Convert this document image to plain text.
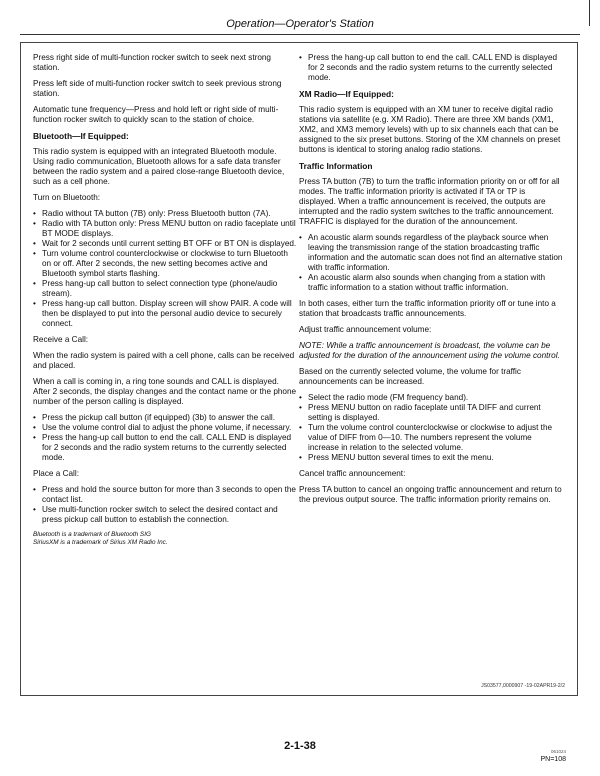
Operation—Operator's Station

Press right side of multi-function rocker switch to seek next strong station.

Press left side of multi-function rocker switch to seek previous strong station.

Automatic tune frequency—Press and hold left or right side of multi-function rocker switch to quickly scan to the station of choice.

Bluetooth—If Equipped:

This radio system is equipped with an integrated Bluetooth module. Using radio communication, Bluetooth allows for a safe data transfer between the radio system and a paired close-range Bluetooth device, such as a cell phone.

Turn on Bluetooth:

• Radio without TA button (7B) only: Press Bluetooth button (7A).
• Radio with TA button only: Press MENU button on radio faceplate until BT MODE displays.
• Wait for 2 seconds until current setting BT OFF or BT ON is displayed.
• Turn volume control counterclockwise or clockwise to turn Bluetooth on or off. After 2 seconds, the new setting becomes active and Bluetooth symbol starts flashing.
• Press hang-up call button to select connection type (phone/audio stream).
• Press hang-up call button. Display screen will show PAIR. A code will then be displayed to put into the personal audio device to securely connect.

Receive a Call:

When the radio system is paired with a cell phone, calls can be received and placed.

When a call is coming in, a ring tone sounds and CALL is displayed. After 2 seconds, the display changes and the contact name or the phone number of the person calling is displayed.

• Press the pickup call button (if equipped) (3b) to answer the call.
• Use the volume control dial to adjust the phone volume, if necessary.
• Press the hang-up call button to end the call. CALL END is displayed for 2 seconds and the radio system returns to the currently selected mode.

Place a Call:

• Press and hold the source button for more than 3 seconds to open the contact list.
• Use multi-function rocker switch to select the desired contact and press pickup call button to establish the connection.
Bluetooth is a trademark of Bluetooth SIG
SiriusXM is a trademark of Sirius XM Radio Inc.
• Press the hang-up call button to end the call. CALL END is displayed for 2 seconds and the radio system returns to the currently selected mode.
XM Radio—If Equipped:

This radio system is equipped with an XM tuner to receive digital radio stations via satellite (e.g. XM Radio). There are three XM bands (XM1, XM2, and XM3 memory levels) with up to six channels each that can be assigned to the six preset buttons. Storing of the XM channels on preset buttons is identical to storing analog radio stations.

Traffic Information

Press TA button (7B) to turn the traffic information priority on or off for all modes. The traffic information priority is activated if TA or TP is displayed. When a traffic announcement is received, the outputs are interrupted and the radio system switches to the traffic announcement. TRAFFIC is displayed for the duration of the announcement.

• An acoustic alarm sounds regardless of the playback source when leaving the transmission range of the station broadcasting traffic information and the automatic scan does not find an alternative station with traffic information.
• An acoustic alarm also sounds when changing from a station with traffic information to a station without traffic information.

In both cases, either turn the traffic information priority off or tune into a station that broadcasts traffic announcements.

Adjust traffic announcement volume:

NOTE: While a traffic announcement is broadcast, the volume can be adjusted for the duration of the announcement using the volume control.

Based on the currently selected volume, the volume for traffic announcements can be increased.

• Select the radio mode (FM frequency band).
• Press MENU button on radio faceplate until TA DIFF and current setting is displayed.
• Turn the volume control counterclockwise or clockwise to adjust the value of DIFF from 0—10. The numbers represent the volume increase in relation to the selected volume.
• Press MENU button several times to exit the menu.

Cancel traffic announcement:

Press TA button to cancel an ongoing traffic announcement and return to the previous output source. The traffic information priority remains on.

JS03577,0000907 -19-02APR19-2/2
2-1-38	061024
PN=108
